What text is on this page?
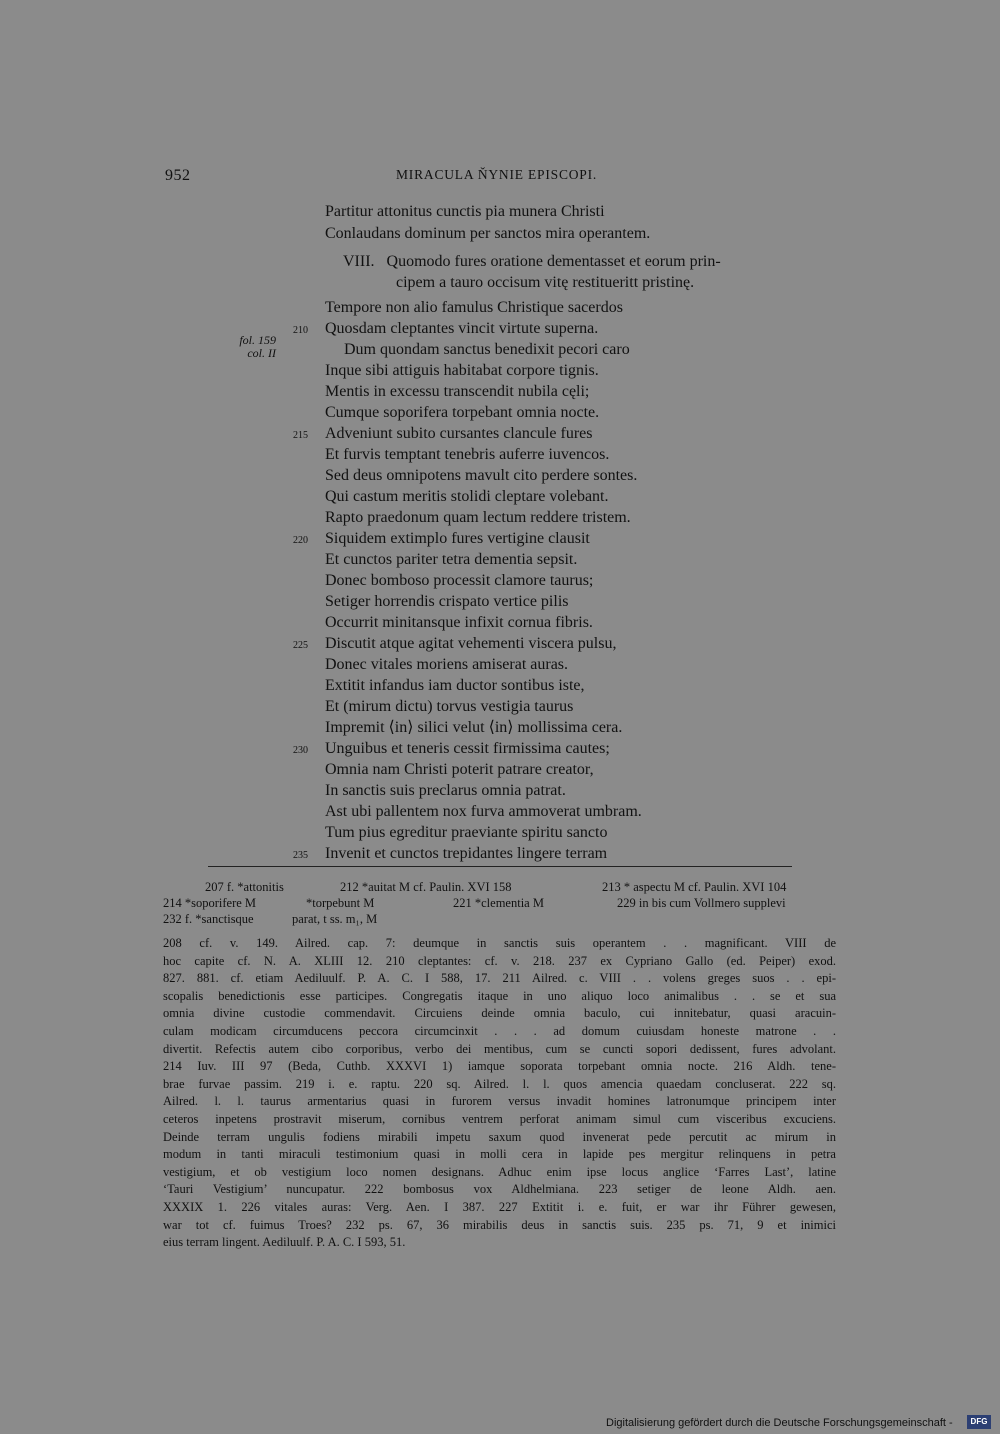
952	MIRACULA ŇYNIE EPISCOPI.
Partitur attonitus cunctis pia munera Christi
Conlaudans dominum per sanctos mira operantem.
VIII. Quomodo fures oratione dementasset et eorum prin-
cipem a tauro occisum vitę restitueritt pristinę.
fol. 159
col. II
Tempore non alio famulus Christique sacerdos
Quosdam cleptantes vincit virtute superna.
Dum quondam sanctus benedixit pecori caro
Inque sibi attiguis habitabat corpore tignis.
Mentis in excessu transcendit nubila cęli;
Cumque soporifera torpebant omnia nocte.
Adveniunt subito cursantes clancule fures
Et furvis temptant tenebris auferre iuvencos.
Sed deus omnipotens mavult cito perdere sontes.
Qui castum meritis stolidi cleptare volebant.
Rapto praedonum quam lectum reddere tristem.
Siquidem extimplo fures vertigine clausit
Et cunctos pariter tetra dementia sepsit.
Donec bomboso processit clamore taurus;
Setiger horrendis crispato vertice pilis
Occurrit minitansque infixit cornua fibris.
Discutit atque agitat vehementi viscera pulsu,
Donec vitales moriens amiserat auras.
Extitit infandus iam ductor sontibus iste,
Et (mirum dictu) torvus vestigia taurus
Impremit ⟨in⟩ silici velut ⟨in⟩ mollissima cera.
Unguibus et teneris cessit firmissima cautes;
Omnia nam Christi poterit patrare creator,
In sanctis suis preclarus omnia patrat.
Ast ubi pallentem nox furva ammoverat umbram.
Tum pius egreditur praeviante spiritu sancto
Invenit et cunctos trepidantes lingere terram
210
215
220
225
230
235
207 f. *attonitis	212 *auitat M cf. Paulin. XVI 158	213 * aspectu M cf. Paulin. XVI 104
214 *soporifere M	*torpebunt M	221 *clementia M	229 in bis cum Vollmero supplevi
232 f. *sanctisque	parat, t ss. m₁, M
208 cf. v. 149. Ailred. cap. 7: deumque in sanctis suis operantem . . magnificant. VIII de
hoc capite cf. N. A. XLIII 12. 210 cleptantes: cf. v. 218. 237 ex Cypriano Gallo (ed. Peiper) exod.
827. 881. cf. etiam Aediluulf. P. A. C. I 588, 17. 211 Ailred. c. VIII . . volens greges suos . . epi-
scopalis benedictionis esse participes. Congregatis itaque in uno aliquo loco animalibus . . se et sua
omnia divine custodie commendavit. Circuiens deinde omnia baculo, cui innitebatur, quasi aracuin-
culam modicam circumducens peccora circumcinxit . . . ad domum cuiusdam honeste matrone . .
divertit. Refectis autem cibo corporibus, verbo dei mentibus, cum se cuncti sopori dedissent, fures advolant.
214 Iuv. III 97 (Beda, Cuthb. XXXVI 1) iamque soporata torpebant omnia nocte. 216 Aldh. tene-
brae furvae passim. 219 i. e. raptu. 220 sq. Ailred. l. l. quos amencia quaedam concluserat. 222 sq.
Ailred. l. l. taurus armentarius quasi in furorem versus invadit homines latronumque principem inter
ceteros inpetens prostravit miserum, cornibus ventrem perforat animam simul cum visceribus excuciens.
Deinde terram ungulis fodiens mirabili impetu saxum quod invenerat pede percutit ac mirum in
modum in tanti miraculi testimonium quasi in molli cera in lapide pes mergitur relinquens in petra
vestigium, et ob vestigium loco nomen designans. Adhuc enim ipse locus anglice ‘Farres Last’, latine
‘Tauri Vestigium’ nuncupatur. 222 bombosus vox Aldhelmiana. 223 setiger de leone Aldh. aen.
XXXIX 1. 226 vitales auras: Verg. Aen. I 387. 227 Extitit i. e. fuit, er war ihr Führer gewesen,
war tot cf. fuimus Troes? 232 ps. 67, 36 mirabilis deus in sanctis suis. 235 ps. 71, 9 et inimici
eius terram lingent. Aediluulf. P. A. C. I 593, 51.
Digitalisierung gefördert durch die Deutsche Forschungsgemeinschaft -	DFG
